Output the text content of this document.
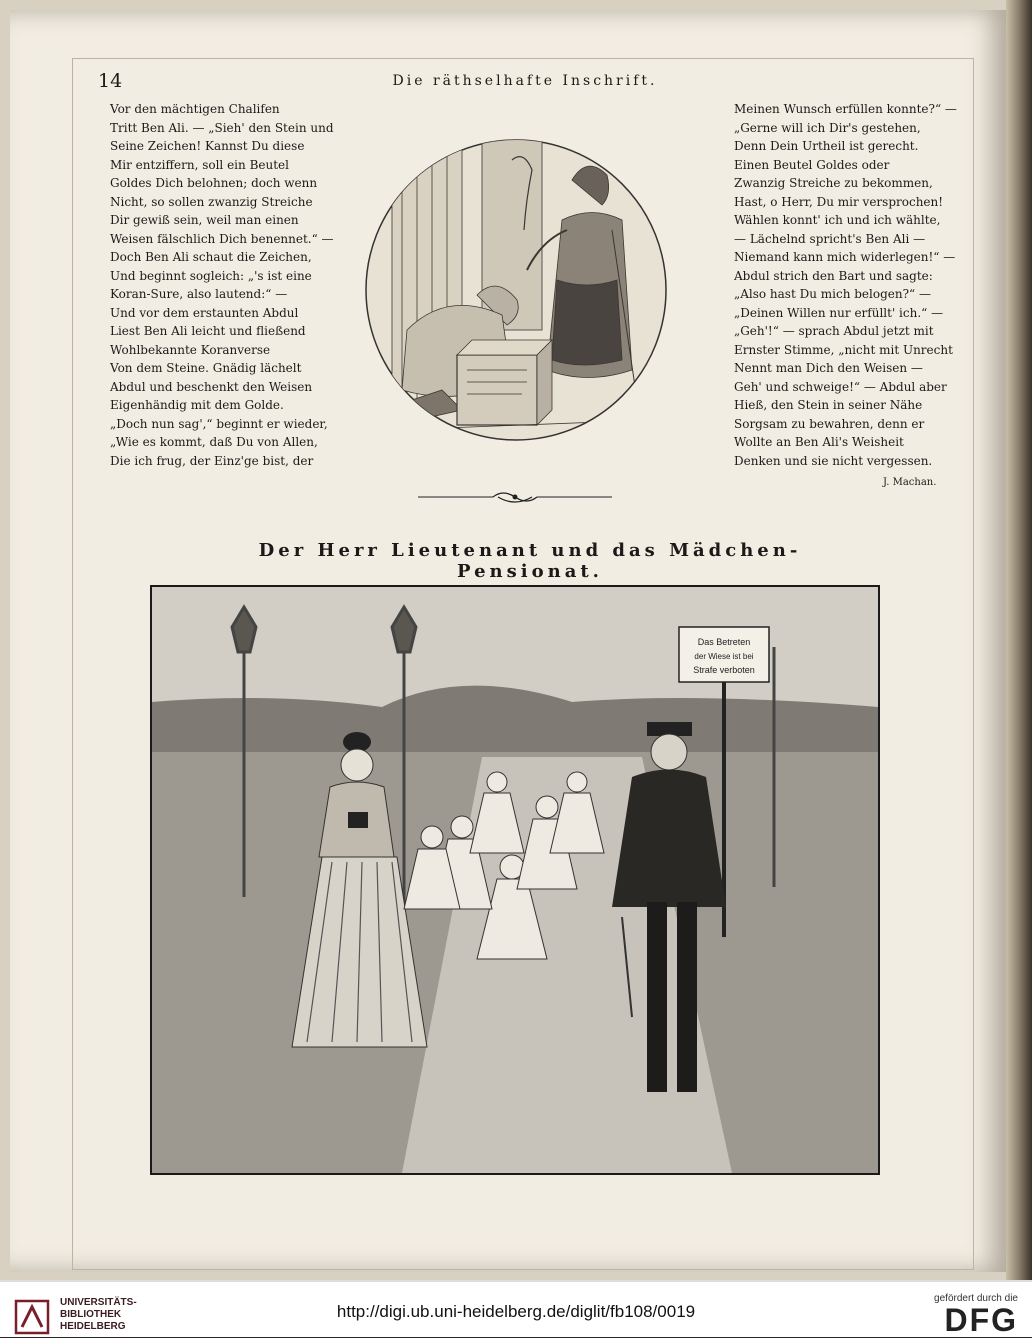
14	Die räthselhafte Inschrift.
Vor den mächtigen Chalifen
Tritt Ben Ali. — „Sieh' den Stein und
Seine Zeichen! Kannst Du diese
Mir entziffern, soll ein Beutel
Goldes Dich belohnen; doch wenn
Nicht, so sollen zwanzig Streiche
Dir gewiß sein, weil man einen
Weisen fälschlich Dich benennet.“ —
Doch Ben Ali schaut die Zeichen,
Und beginnt sogleich: „'s ist eine
Koran-Sure, also lautend:“ —
Und vor dem erstaunten Abdul
Liest Ben Ali leicht und fließend
Wohlbekannte Koranverse
Von dem Steine. Gnädig lächelt
Abdul und beschenkt den Weisen
Eigenhändig mit dem Golde.
„Doch nun sag',“ beginnt er wieder,
„Wie es kommt, daß Du von Allen,
Die ich frug, der Einz'ge bist, der
Meinen Wunsch erfüllen konnte?“ —
„Gerne will ich Dir's gestehen,
Denn Dein Urtheil ist gerecht.
Einen Beutel Goldes oder
Zwanzig Streiche zu bekommen,
Hast, o Herr, Du mir versprochen!
Wählen konnt' ich und ich wählte,
— Lächelnd spricht's Ben Ali —
Niemand kann mich widerlegen!“ —
Abdul strich den Bart und sagte:
„Also hast Du mich belogen?“ —
„Deinen Willen nur erfüllt' ich.“ —
„Geh'!“ — sprach Abdul jetzt mit
Ernster Stimme, „nicht mit Unrecht
Nennt man Dich den Weisen —
Geh' und schweige!“ — Abdul aber
Hieß, den Stein in seiner Nähe
Sorgsam zu bewahren, denn er
Wollte an Ben Ali's Weisheit
Denken und sie nicht vergessen.
J. Machan.
Der Herr Lieutenant und das Mädchen-Pensionat.
Das Betreten
der Wiese ist bei
Strafe verboten
UNIVERSITÄTS-
BIBLIOTHEK
HEIDELBERG
http://digi.ub.uni-heidelberg.de/diglit/fb108/0019
gefördert durch die
DFG
